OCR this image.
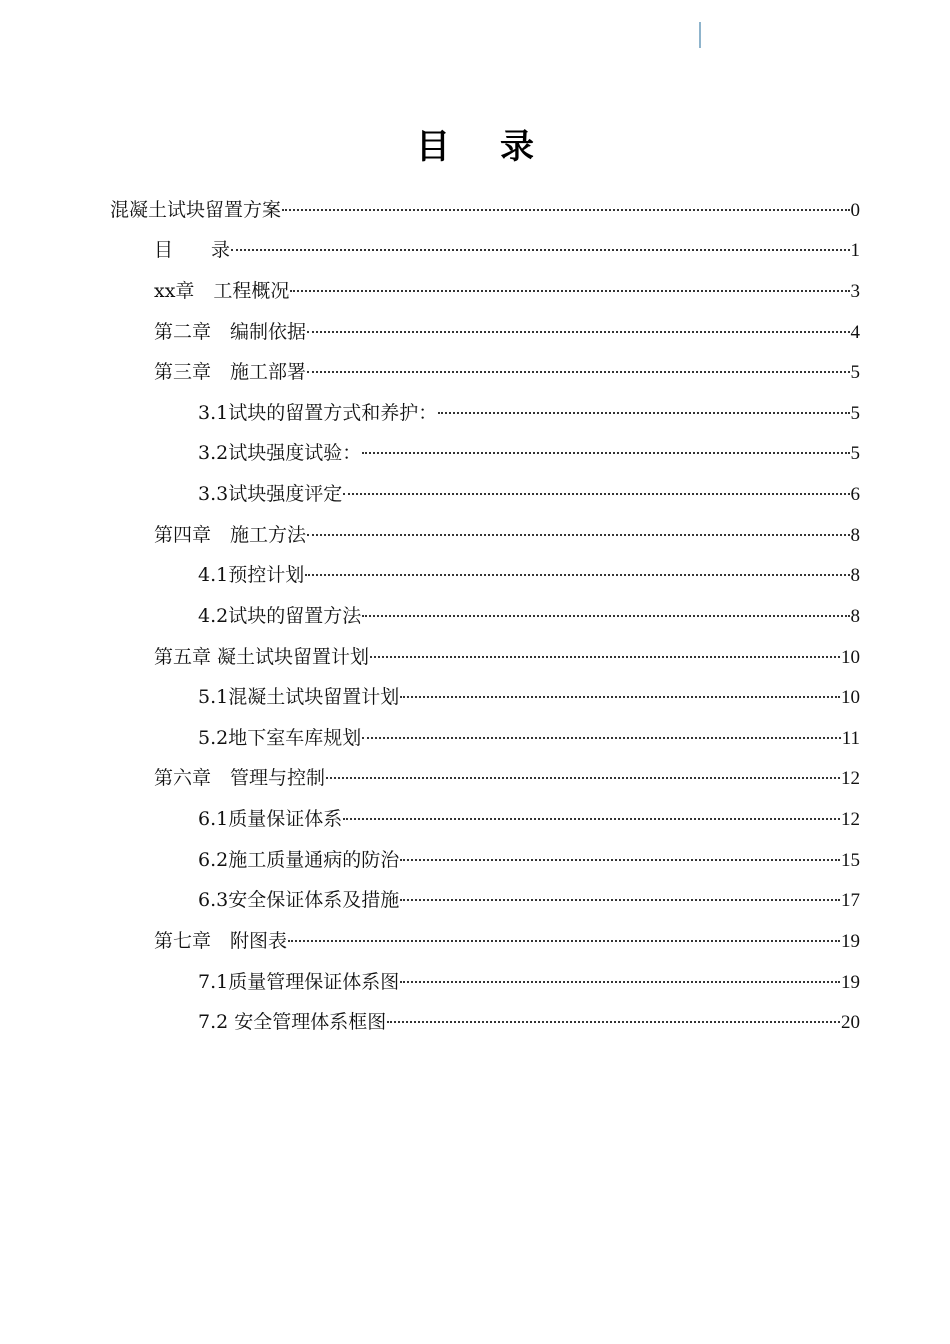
目录
混凝土试块留置方案	0
目　　录	1
xx章　工程概况	3
第二章　编制依据	4
第三章　施工部署	5
3.1试块的留置方式和养护：	5
3.2试块强度试验：	5
3.3试块强度评定	6
第四章　施工方法	8
4.1预控计划	8
4.2试块的留置方法	8
第五章 凝土试块留置计划	10
5.1混凝土试块留置计划	10
5.2地下室车库规划	11
第六章　管理与控制	12
6.1质量保证体系	12
6.2施工质量通病的防治	15
6.3安全保证体系及措施	17
第七章　附图表	19
7.1质量管理保证体系图	19
7.2 安全管理体系框图	20
